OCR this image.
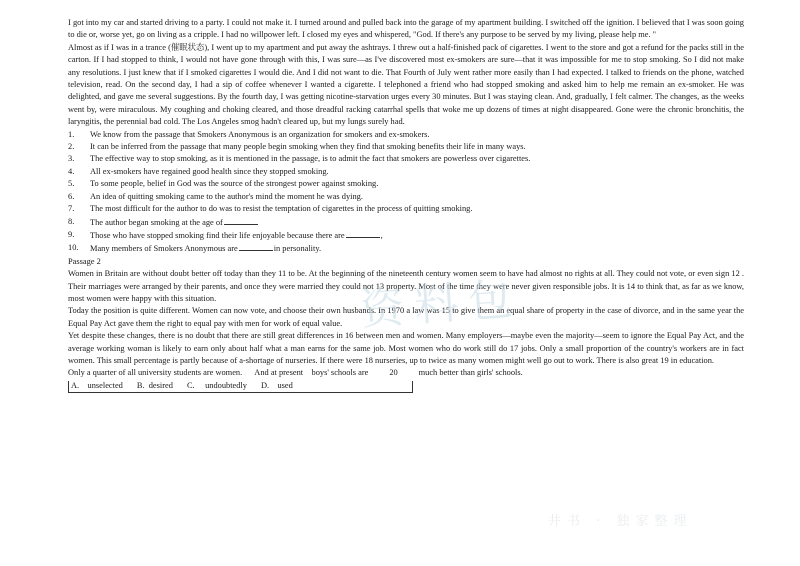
I got into my car and started driving to a party. I could not make it. I turned around and pulled back into the garage of my apartment building. I switched off the ignition. I believed that I was soon going to die or, worse yet, go on living as a cripple. I had no willpower left. I closed my eyes and whispered, "God. If there's any purpose to be served by my living, please help me. "

Almost as if I was in a trance (催眠状态), I went up to my apartment and put away the ashtrays. I threw out a half-finished pack of cigarettes. I went to the store and got a refund for the packs still in the carton. If I had stopped to think, I would not have gone through with this, I was sure—as I've discovered most ex-smokers are sure—that it was impossible for me to stop smoking. So I did not make any resolutions. I just knew that if I smoked cigarettes I would die. And I did not want to die. That Fourth of July went rather more easily than I had expected. I talked to friends on the phone, watched television, read. On the second day, I had a sip of coffee whenever I wanted a cigarette. I telephoned a friend who had stopped smoking and asked him to help me remain an ex-smoker. He was delighted, and gave me several suggestions. By the fourth day, I was getting nicotine-starvation urges every 30 minutes. But I was staying clean. And, gradually, I felt calmer. The changes, as the weeks went by, were miraculous. My coughing and choking cleared, and those dreadful racking catarrhal spells that woke me up dozens of times at night disappeared. Gone were the chronic bronchitis, the laryngitis, the perennial bad cold. The Los Angeles smog hadn't cleared up, but my lungs surely had.

1.	We know from the passage that Smokers Anonymous is an organization for smokers and ex-smokers.
2.	It can be inferred from the passage that many people begin smoking when they find that smoking benefits their life in many ways.
3.	The effective way to stop smoking, as it is mentioned in the passage, is to admit the fact that smokers are powerless over cigarettes.
4.	All ex-smokers have regained good health since they stopped smoking.
5.	To some people, belief in God was the source of the strongest power against smoking.
6.	An idea of quitting smoking came to the author's mind the moment he was dying.
7.	The most difficult for the author to do was to resist the temptation of cigarettes in the process of quitting smoking.
8.	The author began smoking at the age of
9.	Those who have stopped smoking find their life enjoyable because there are	,
10.	Many members of Smokers Anonymous are	in personality.

Passage 2

Women in Britain are without doubt better off today than they 11 to be. At the beginning of the nineteenth century women seem to have had almost no rights at all. They could not vote, or even sign 12 . Their marriages were arranged by their parents, and once they were married they could not 13 property. Most of the time they were never given responsible jobs. It is 14 to think that, as far as we know, most women were happy with this situation.

Today the position is quite different. Women can now vote, and choose their own husbands. In 1970 a law was 15 to give them an equal share of property in the case of divorce, and in the same year the Equal Pay Act gave them the right to equal pay with men for work of equal value.

Yet despite these changes, there is no doubt that there are still great differences in 16 between men and women. Many employers—maybe even the majority—seem to ignore the Equal Pay Act, and the average working woman is likely to earn only about half what a man earns for the same job. Most women who do work still do 17 jobs. Only a small proportion of the country's workers are in fact women. This small percentage is partly because of a-shortage of nurseries. If there were 18 nurseries, up to twice as many women might well go out to work. There is also great 19 in education.

Only a quarter of all university students are women.      And at present    boys' schools are          20          much better than girls' schools.

A.    unselected B.  desired C.     undoubtedly D.    used
资料包
井书 · 独家整理
